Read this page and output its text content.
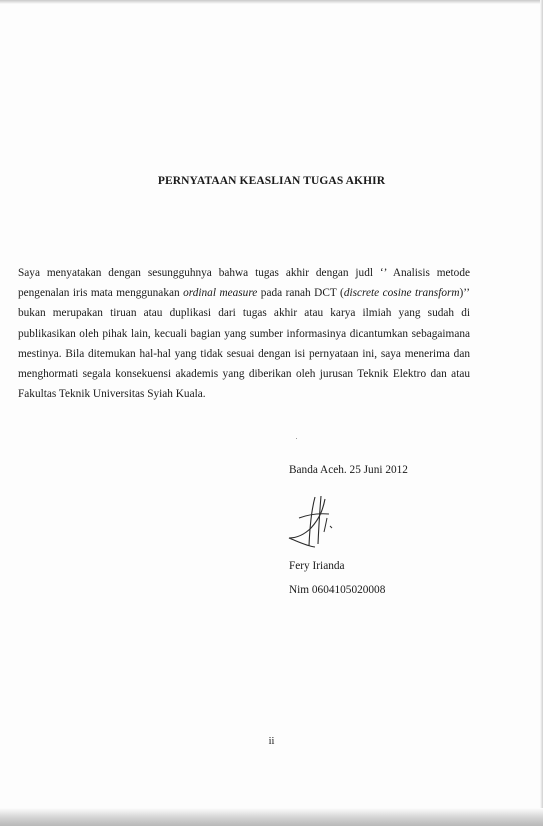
PERNYATAAN KEASLIAN TUGAS AKHIR

Saya menyatakan dengan sesungguhnya bahwa tugas akhir dengan judl ‘’ Analisis metode pengenalan iris mata menggunakan ordinal measure pada ranah DCT (discrete cosine transform)’’ bukan merupakan tiruan atau duplikasi dari tugas akhir atau karya ilmiah yang sudah di publikasikan oleh pihak lain, kecuali bagian yang sumber informasinya dicantumkan sebagaimana mestinya. Bila ditemukan hal-hal yang tidak sesuai dengan isi pernyataan ini, saya menerima dan menghormati segala konsekuensi akademis yang diberikan oleh jurusan Teknik Elektro dan atau Fakultas Teknik Universitas Syiah Kuala.

Banda Aceh. 25 Juni 2012
Fery Irianda
Nim 0604105020008
ii
